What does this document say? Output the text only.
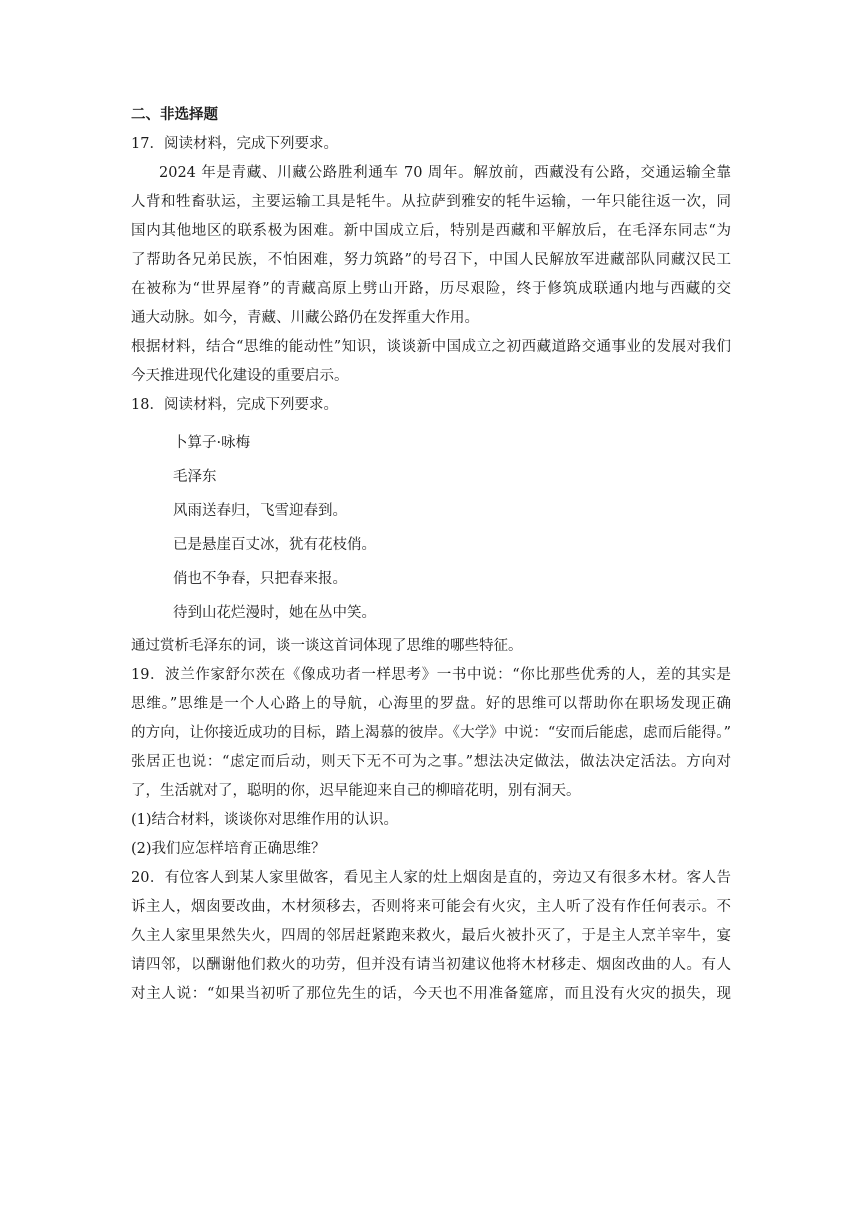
二、非选择题

17．阅读材料，完成下列要求。

2024 年是青藏、川藏公路胜利通车 70 周年。解放前，西藏没有公路，交通运输全靠

人背和牲畜驮运，主要运输工具是牦牛。从拉萨到雅安的牦牛运输，一年只能往返一次，同

国内其他地区的联系极为困难。新中国成立后，特别是西藏和平解放后，在毛泽东同志“为

了帮助各兄弟民族，不怕困难，努力筑路”的号召下，中国人民解放军进藏部队同藏汉民工

在被称为“世界屋脊”的青藏高原上劈山开路，历尽艰险，终于修筑成联通内地与西藏的交

通大动脉。如今，青藏、川藏公路仍在发挥重大作用。

根据材料，结合“思维的能动性”知识，谈谈新中国成立之初西藏道路交通事业的发展对我们

今天推进现代化建设的重要启示。

18．阅读材料，完成下列要求。

卜算子·咏梅

毛泽东

风雨送春归，飞雪迎春到。

已是悬崖百丈冰，犹有花枝俏。

俏也不争春，只把春来报。

待到山花烂漫时，她在丛中笑。

通过赏析毛泽东的词，谈一谈这首词体现了思维的哪些特征。

19．波兰作家舒尔茨在《像成功者一样思考》一书中说：“你比那些优秀的人，差的其实是

思维。”思维是一个人心路上的导航，心海里的罗盘。好的思维可以帮助你在职场发现正确

的方向，让你接近成功的目标，踏上渴慕的彼岸。《大学》中说：“安而后能虑，虑而后能得。”

张居正也说：“虑定而后动，则天下无不可为之事。”想法决定做法，做法决定活法。方向对

了，生活就对了，聪明的你，迟早能迎来自己的柳暗花明，别有洞天。

(1)结合材料，谈谈你对思维作用的认识。

(2)我们应怎样培育正确思维？

20．有位客人到某人家里做客，看见主人家的灶上烟囱是直的，旁边又有很多木材。客人告

诉主人，烟囱要改曲，木材须移去，否则将来可能会有火灾，主人听了没有作任何表示。不

久主人家里果然失火，四周的邻居赶紧跑来救火，最后火被扑灭了，于是主人烹羊宰牛，宴

请四邻，以酬谢他们救火的功劳，但并没有请当初建议他将木材移走、烟囱改曲的人。有人

对主人说：“如果当初听了那位先生的话，今天也不用准备筵席，而且没有火灾的损失，现
